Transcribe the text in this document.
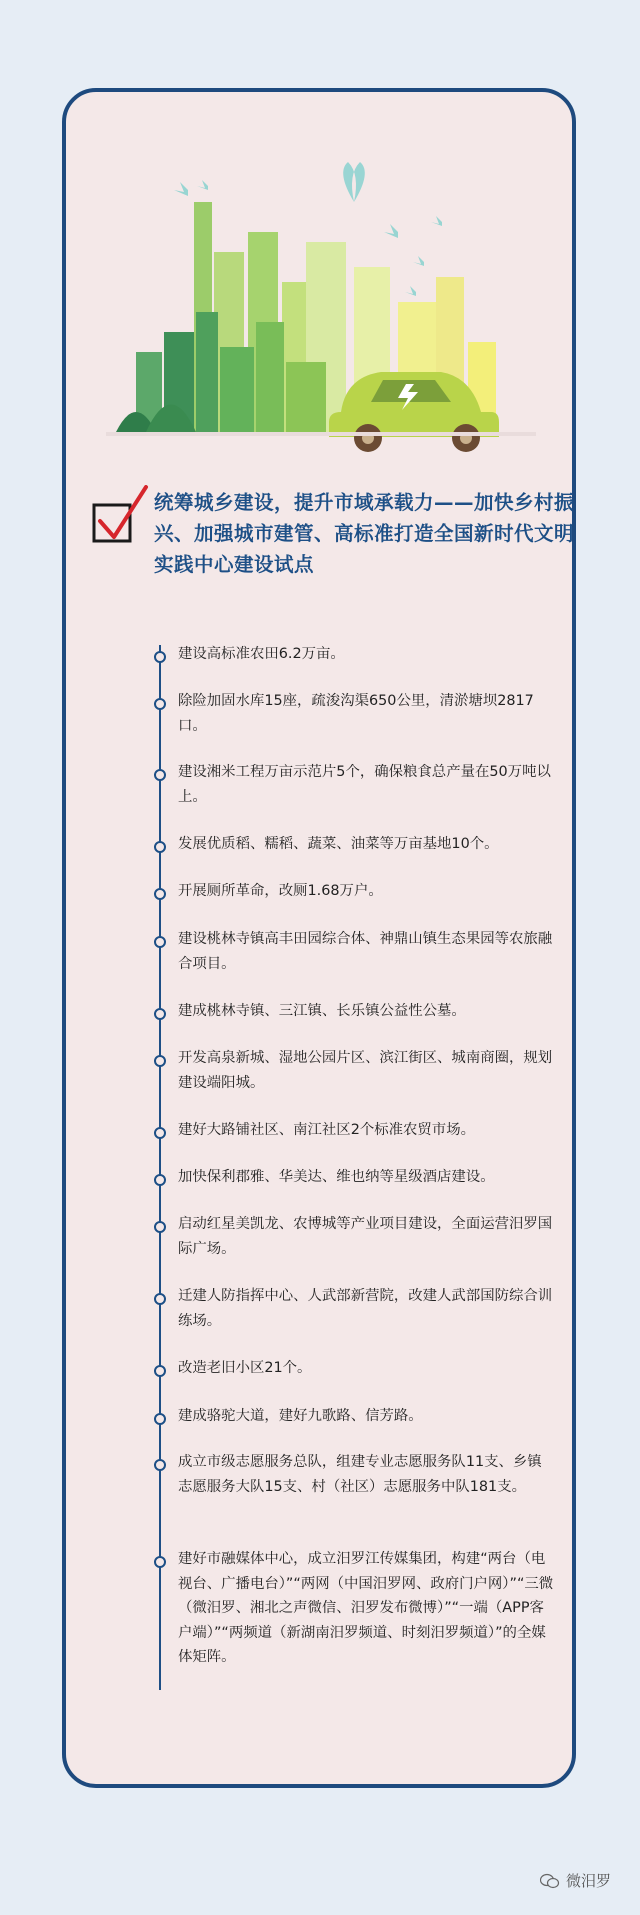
统筹城乡建设，提升市域承载力——加快乡村振兴、加强城市建管、高标准打造全国新时代文明实践中心建设试点
建设高标准农田6.2万亩。
除险加固水库15座，疏浚沟渠650公里，清淤塘坝2817口。
建设湘米工程万亩示范片5个，确保粮食总产量在50万吨以上。
发展优质稻、糯稻、蔬菜、油菜等万亩基地10个。
开展厕所革命，改厕1.68万户。
建设桃林寺镇高丰田园综合体、神鼎山镇生态果园等农旅融合项目。
建成桃林寺镇、三江镇、长乐镇公益性公墓。
开发高泉新城、湿地公园片区、滨江街区、城南商圈，规划建设端阳城。
建好大路铺社区、南江社区2个标准农贸市场。
加快保利郡雅、华美达、维也纳等星级酒店建设。
启动红星美凯龙、农博城等产业项目建设，全面运营汨罗国际广场。
迁建人防指挥中心、人武部新营院，改建人武部国防综合训练场。
改造老旧小区21个。
建成骆驼大道，建好九歌路、信芳路。
成立市级志愿服务总队，组建专业志愿服务队11支、乡镇志愿服务大队15支、村（社区）志愿服务中队181支。
建好市融媒体中心，成立汨罗江传媒集团，构建“两台（电视台、广播电台）”“两网（中国汨罗网、政府门户网）”“三微（微汨罗、湘北之声微信、汨罗发布微博）”“一端（APP客户端）”“两频道（新湖南汨罗频道、时刻汨罗频道）”的全媒体矩阵。
微汨罗
